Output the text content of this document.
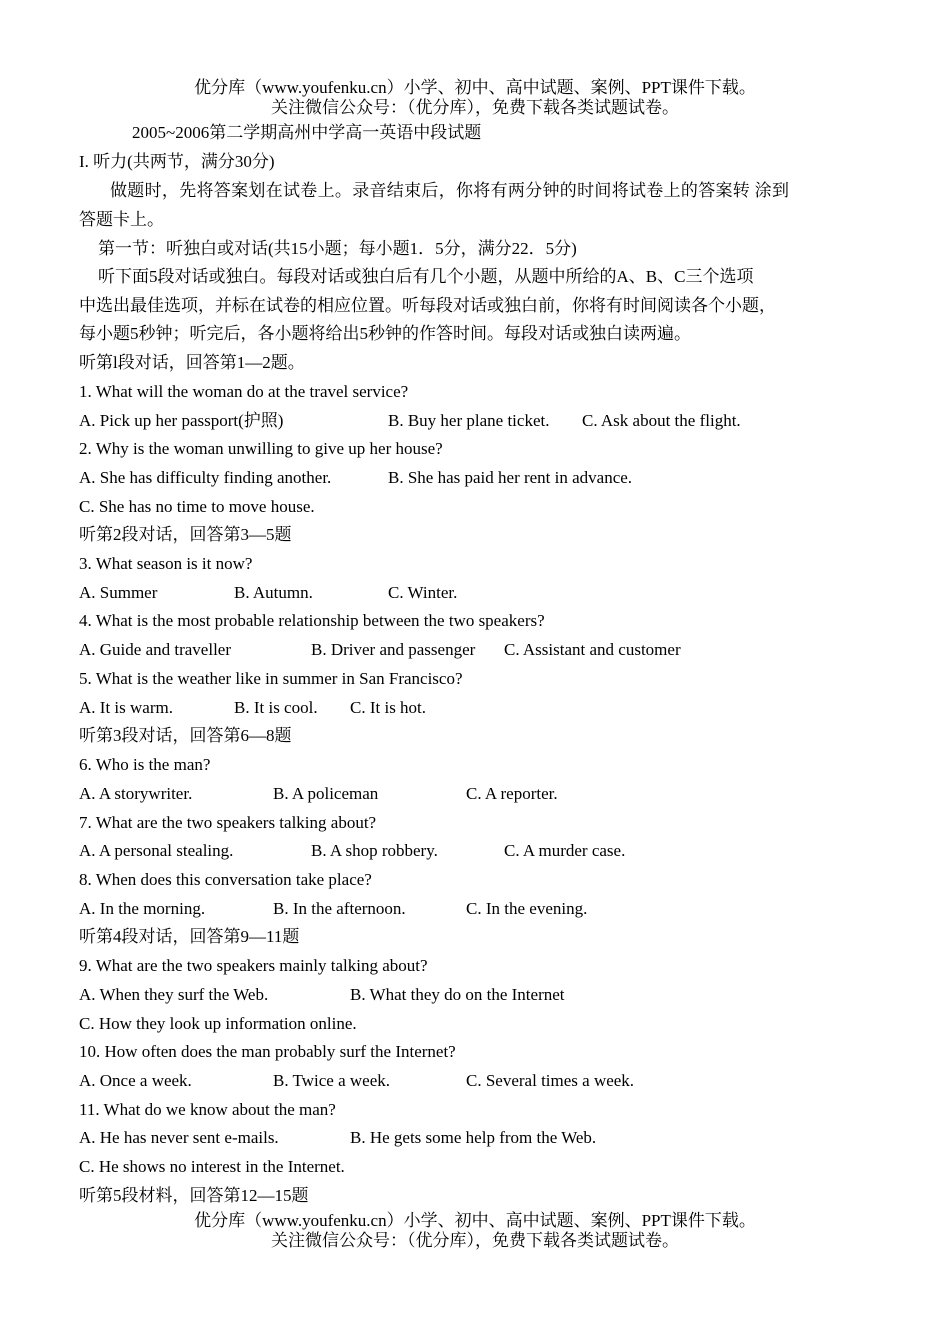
优分库（www.youfenku.cn）小学、初中、高中试题、案例、PPT课件下载。
关注微信公众号：（优分库），免费下载各类试题试卷。
2005~2006第二学期高州中学高一英语中段试题
I. 听力(共两节，满分30分)
做题时，先将答案划在试卷上。录音结束后，你将有两分钟的时间将试卷上的答案转 涂到
答题卡上。
第一节：听独白或对话(共15小题；每小题1．5分，满分22．5分)
听下面5段对话或独白。每段对话或独白后有几个小题，从题中所给的A、B、C三个选项
中选出最佳选项，并标在试卷的相应位置。听每段对话或独白前，你将有时间阅读各个小题，
每小题5秒钟；听完后，各小题将给出5秒钟的作答时间。每段对话或独白读两遍。
听第l段对话，回答第1—2题。
1. What will the woman do at the travel service?
A. Pick up her passport(护照)	B. Buy her plane ticket. C. Ask about the flight.
2. Why is the woman unwilling to give up her house?
A. She has difficulty finding another.	B. She has paid her rent in advance.
C. She has no time to move house.
听第2段对话，回答第3—5题
3. What season is it now?
A. Summer	B. Autumn.	C. Winter.
4. What is the most probable relationship between the two speakers?
A. Guide and traveller	B. Driver and passenger C. Assistant and customer
5. What is the weather like in summer in San Francisco?
A. It is warm.	B. It is cool. C. It is hot.
听第3段对话，回答第6—8题
6. Who is the man?
A. A storywriter.	B. A policeman	C. A reporter.
7. What are the two speakers talking about?
A. A personal stealing.	B. A shop robbery.	C. A murder case.
8. When does this conversation take place?
A. In the morning.	B. In the afternoon.	C. In the evening.
听第4段对话，回答第9—11题
9. What are the two speakers mainly talking about?
A. When they surf the Web.	B. What they do on the Internet
C. How they look up information online.
10. How often does the man probably surf the Internet?
A. Once a week.	B. Twice a week.	C. Several times a week.
11. What do we know about the man?
A. He has never sent e-mails.	B. He gets some help from the Web.
C. He shows no interest in the Internet.
听第5段材料，回答第12—15题
优分库（www.youfenku.cn）小学、初中、高中试题、案例、PPT课件下载。
关注微信公众号：（优分库），免费下载各类试题试卷。
